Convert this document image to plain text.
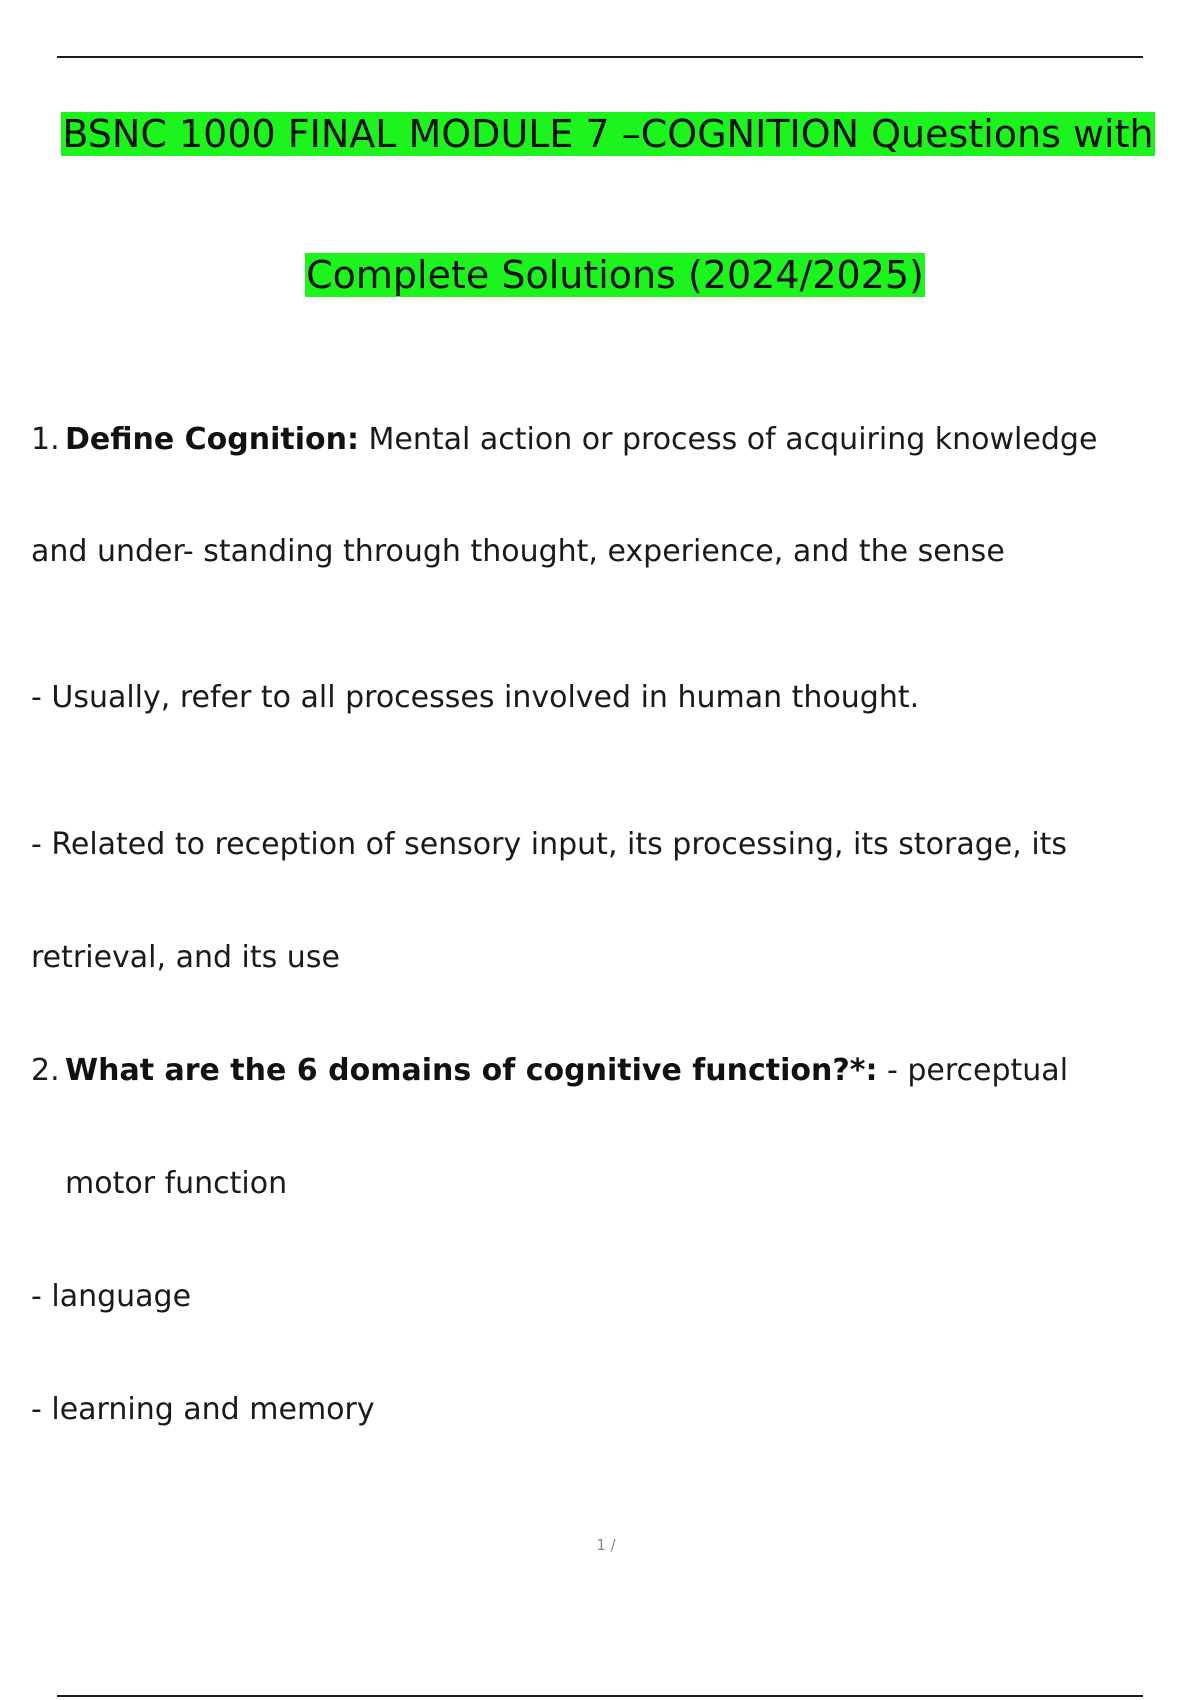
BSNC 1000 FINAL MODULE 7 –COGNITION Questions with
Complete Solutions (2024/2025)
1. Define Cognition: Mental action or process of acquiring knowledge
and under- standing through thought, experience, and the sense
- Usually, refer to all processes involved in human thought.
- Related to reception of sensory input, its processing, its storage, its
retrieval, and its use
2. What are the 6 domains of cognitive function?*: - perceptual
motor function
- language
- learning and memory
1 /
